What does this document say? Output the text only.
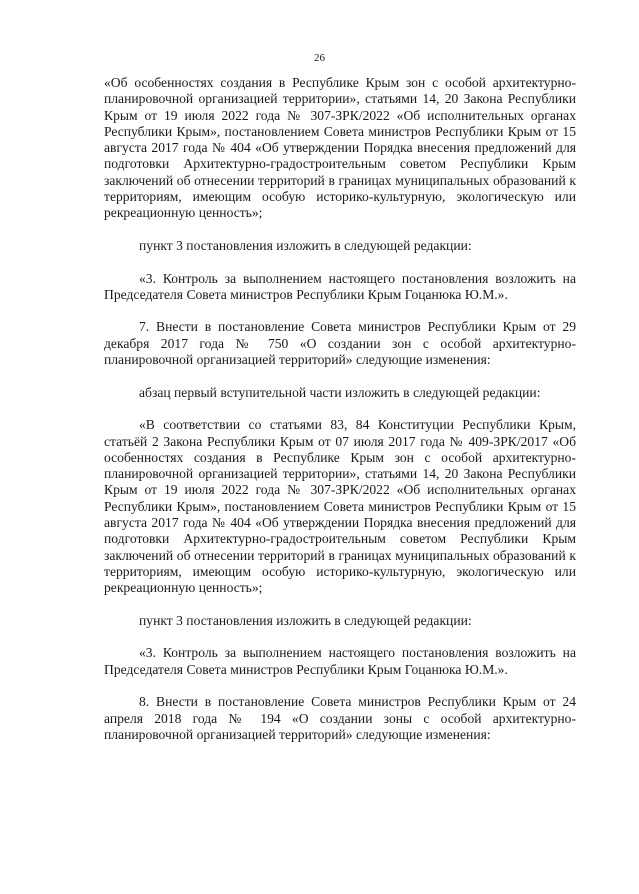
26

«Об особенностях создания в Республике Крым зон с особой архитектурно-планировочной организацией территории», статьями 14, 20 Закона Республики Крым от 19 июля 2022 года № 307-ЗРК/2022 «Об исполнительных органах Республики Крым», постановлением Совета министров Республики Крым от 15 августа 2017 года № 404 «Об утверждении Порядка внесения предложений для подготовки Архитектурно-градостроительным советом Республики Крым заключений об отнесении территорий в границах муниципальных образований к территориям, имеющим особую историко-культурную, экологическую или рекреационную ценность»;

пункт 3 постановления изложить в следующей редакции:

«3. Контроль за выполнением настоящего постановления возложить на Председателя Совета министров Республики Крым Гоцанюка Ю.М.».

7. Внести в постановление Совета министров Республики Крым от 29 декабря 2017 года № 750 «О создании зон с особой архитектурно-планировочной организацией территорий» следующие изменения:

абзац первый вступительной части изложить в следующей редакции:

«В соответствии со статьями 83, 84 Конституции Республики Крым, статьёй 2 Закона Республики Крым от 07 июля 2017 года № 409-ЗРК/2017 «Об особенностях создания в Республике Крым зон с особой архитектурно-планировочной организацией территории», статьями 14, 20 Закона Республики Крым от 19 июля 2022 года № 307-ЗРК/2022 «Об исполнительных органах Республики Крым», постановлением Совета министров Республики Крым от 15 августа 2017 года № 404 «Об утверждении Порядка внесения предложений для подготовки Архитектурно-градостроительным советом Республики Крым заключений об отнесении территорий в границах муниципальных образований к территориям, имеющим особую историко-культурную, экологическую или рекреационную ценность»;

пункт 3 постановления изложить в следующей редакции:

«3. Контроль за выполнением настоящего постановления возложить на Председателя Совета министров Республики Крым Гоцанюка Ю.М.».

8. Внести в постановление Совета министров Республики Крым от 24 апреля 2018 года № 194 «О создании зоны с особой архитектурно-планировочной организацией территорий» следующие изменения:
